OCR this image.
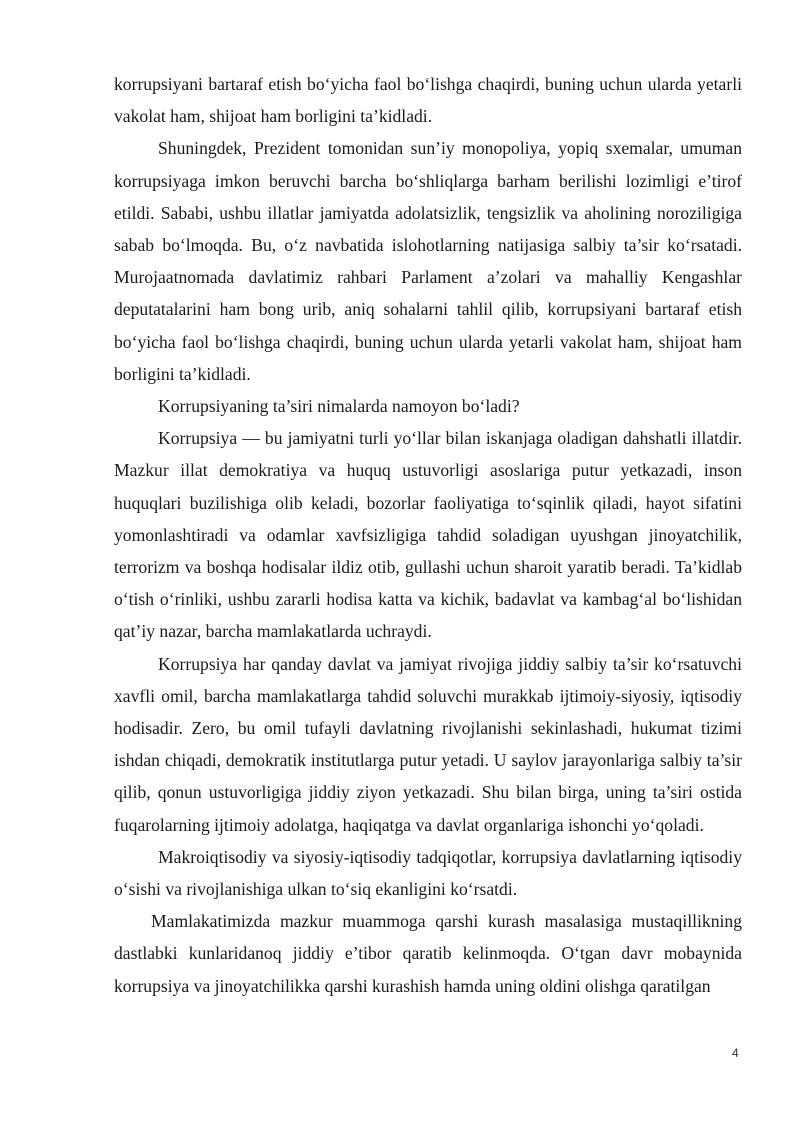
korrupsiyani bartaraf etish bo‘yicha faol bo‘lishga chaqirdi, buning uchun ularda yetarli vakolat ham, shijoat ham borligini ta’kidladi.

Shuningdek, Prezident tomonidan sun’iy monopoliya, yopiq sxemalar, umuman korrupsiyaga imkon beruvchi barcha bo‘shliqlarga barham berilishi lozimligi e’tirof etildi. Sababi, ushbu illatlar jamiyatda adolatsizlik, tengsizlik va aholining noroziligiga sabab bo‘lmoqda. Bu, o‘z navbatida islohotlarning natijasiga salbiy ta’sir ko‘rsatadi. Murojaatnomada davlatimiz rahbari Parlament a’zolari va mahalliy Kengashlar deputatalarini ham bong urib, aniq sohalarni tahlil qilib, korrupsiyani bartaraf etish bo‘yicha faol bo‘lishga chaqirdi, buning uchun ularda yetarli vakolat ham, shijoat ham borligini ta’kidladi.

Korrupsiyaning ta’siri nimalarda namoyon bo‘ladi?

Korrupsiya — bu jamiyatni turli yo‘llar bilan iskanjaga oladigan dahshatli illatdir. Mazkur illat demokratiya va huquq ustuvorligi asoslariga putur yetkazadi, inson huquqlari buzilishiga olib keladi, bozorlar faoliyatiga to‘sqinlik qiladi, hayot sifatini yomonlashtiradi va odamlar xavfsizligiga tahdid soladigan uyushgan jinoyatchilik, terrorizm va boshqa hodisalar ildiz otib, gullashi uchun sharoit yaratib beradi. Ta’kidlab o‘tish o‘rinliki, ushbu zararli hodisa katta va kichik, badavlat va kambag‘al bo‘lishidan qat’iy nazar, barcha mamlakatlarda uchraydi.

Korrupsiya har qanday davlat va jamiyat rivojiga jiddiy salbiy ta’sir ko‘rsatuvchi xavfli omil, barcha mamlakatlarga tahdid soluvchi murakkab ijtimoiy-siyosiy, iqtisodiy hodisadir. Zero, bu omil tufayli davlatning rivojlanishi sekinlashadi, hukumat tizimi ishdan chiqadi, demokratik institutlarga putur yetadi. U saylov jarayonlariga salbiy ta’sir qilib, qonun ustuvorligiga jiddiy ziyon yetkazadi. Shu bilan birga, uning ta’siri ostida fuqarolarning ijtimoiy adolatga, haqiqatga va davlat organlariga ishonchi yo‘qoladi.

Makroiqtisodiy va siyosiy-iqtisodiy tadqiqotlar, korrupsiya davlatlarning iqtisodiy o‘sishi va rivojlanishiga ulkan to‘siq ekanligini ko‘rsatdi.

Mamlakatimizda mazkur muammoga qarshi kurash masalasiga mustaqillikning dastlabki kunlaridanoq jiddiy e’tibor qaratib kelinmoqda. O‘tgan davr mobaynida korrupsiya va jinoyatchilikka qarshi kurashish hamda uning oldini olishga qaratilgan

4
